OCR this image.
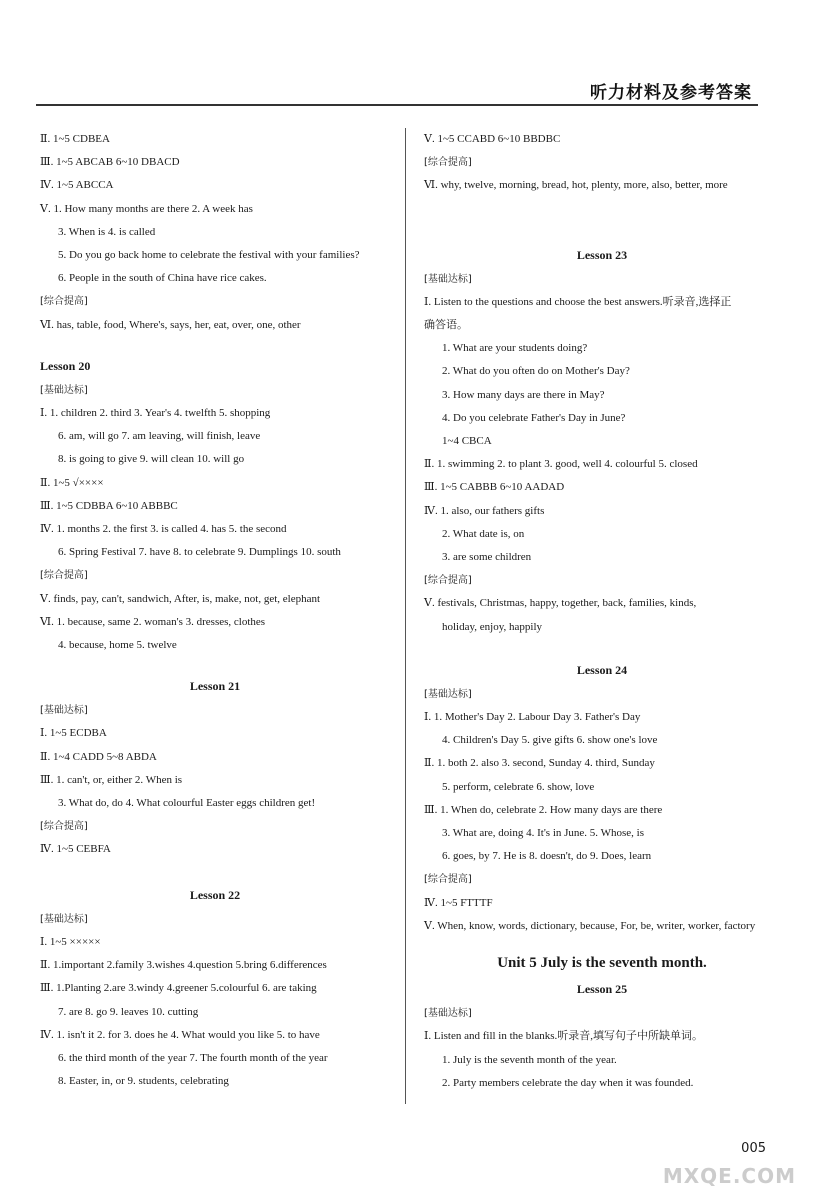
听力材料及参考答案
Ⅱ. 1~5 CDBEA
Ⅲ. 1~5 ABCAB 6~10 DBACD
Ⅳ. 1~5 ABCCA
Ⅴ. 1. How many months are there 2. A week has
3. When is 4. is called
5. Do you go back home to celebrate the festival with your families?
6. People in the south of China have rice cakes.
[综合提高]
Ⅵ. has, table, food, Where's, says, her, eat, over, one, other
Lesson 20
[基础达标]
Ⅰ. 1. children 2. third 3. Year's 4. twelfth 5. shopping
6. am, will go 7. am leaving, will finish, leave
8. is going to give 9. will clean 10. will go
Ⅱ. 1~5 √××××
Ⅲ. 1~5 CDBBA 6~10 ABBBC
Ⅳ. 1. months 2. the first 3. is called 4. has 5. the second
6. Spring Festival 7. have 8. to celebrate 9. Dumplings 10. south
[综合提高]
Ⅴ. finds, pay, can't, sandwich, After, is, make, not, get, elephant
Ⅵ. 1. because, same 2. woman's 3. dresses, clothes
4. because, home 5. twelve
Lesson 21
[基础达标]
Ⅰ. 1~5 ECDBA
Ⅱ. 1~4 CADD 5~8 ABDA
Ⅲ. 1. can't, or, either 2. When is
3. What do, do 4. What colourful Easter eggs children get!
[综合提高]
Ⅳ. 1~5 CEBFA
Lesson 22
[基础达标]
Ⅰ. 1~5 ×××××
Ⅱ. 1.important 2.family 3.wishes 4.question 5.bring 6.differences
Ⅲ. 1.Planting 2.are 3.windy 4.greener 5.colourful 6. are taking
7. are 8. go 9. leaves 10. cutting
Ⅳ. 1. isn't it 2. for 3. does he 4. What would you like 5. to have
6. the third month of the year 7. The fourth month of the year
8. Easter, in, or 9. students, celebrating
Ⅴ. 1~5 CCABD 6~10 BBDBC
[综合提高]
Ⅵ. why, twelve, morning, bread, hot, plenty, more, also, better, more
Lesson 23
[基础达标]
Ⅰ. Listen to the questions and choose the best answers.听录音,选择正
确答语。
1. What are your students doing?
2. What do you often do on Mother's Day?
3. How many days are there in May?
4. Do you celebrate Father's Day in June?
1~4 CBCA
Ⅱ. 1. swimming 2. to plant 3. good, well 4. colourful 5. closed
Ⅲ. 1~5 CABBB 6~10 AADAD
Ⅳ. 1. also, our fathers gifts
2. What date is, on
3. are some children
[综合提高]
Ⅴ. festivals, Christmas, happy, together, back, families, kinds,
holiday, enjoy, happily
Lesson 24
[基础达标]
Ⅰ. 1. Mother's Day 2. Labour Day 3. Father's Day
4. Children's Day 5. give gifts 6. show one's love
Ⅱ. 1. both 2. also 3. second, Sunday 4. third, Sunday
5. perform, celebrate 6. show, love
Ⅲ. 1. When do, celebrate 2. How many days are there
3. What are, doing 4. It's in June. 5. Whose, is
6. goes, by 7. He is 8. doesn't, do 9. Does, learn
[综合提高]
Ⅳ. 1~5 FTTTF
Ⅴ. When, know, words, dictionary, because, For, be, writer, worker, factory
Unit 5 July is the seventh month.
Lesson 25
[基础达标]
Ⅰ. Listen and fill in the blanks.听录音,填写句子中所缺单词。
1. July is the seventh month of the year.
2. Party members celebrate the day when it was founded.
005
MXQE.COM
